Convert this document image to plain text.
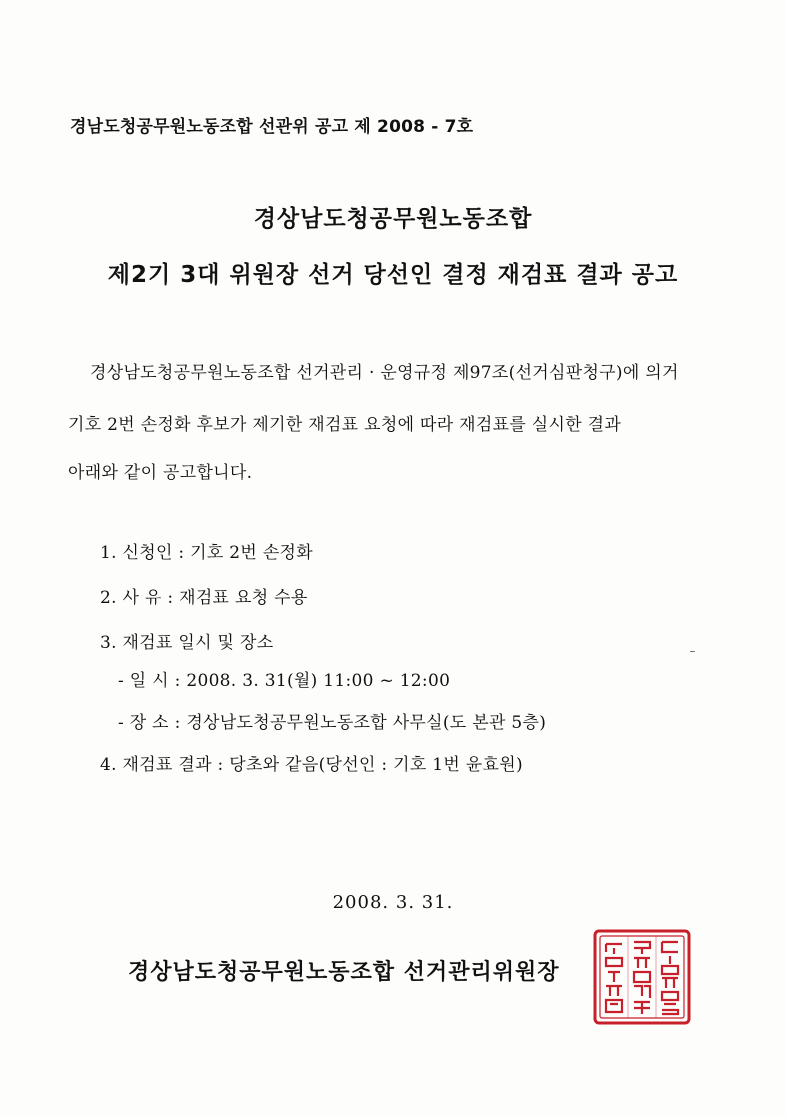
경남도청공무원노동조합 선관위 공고 제 2008 - 7호
경상남도청공무원노동조합
제2기 3대 위원장 선거 당선인 결정 재검표 결과 공고
경상남도청공무원노동조합 선거관리 · 운영규정 제97조(선거심판청구)에 의거
기호 2번 손정화 후보가 제기한 재검표 요청에 따라 재검표를 실시한 결과
아래와 같이 공고합니다.
1. 신청인 : 기호 2번 손정화
2. 사 유 : 재검표 요청 수용
3. 재검표 일시 및 장소
- 일 시 : 2008. 3. 31(월) 11:00 ~ 12:00
- 장 소 : 경상남도청공무원노동조합 사무실(도 본관 5층)
4. 재검표 결과 : 당초와 같음(당선인 : 기호 1번 윤효원)
2008. 3. 31.
경상남도청공무원노동조합 선거관리위원장
